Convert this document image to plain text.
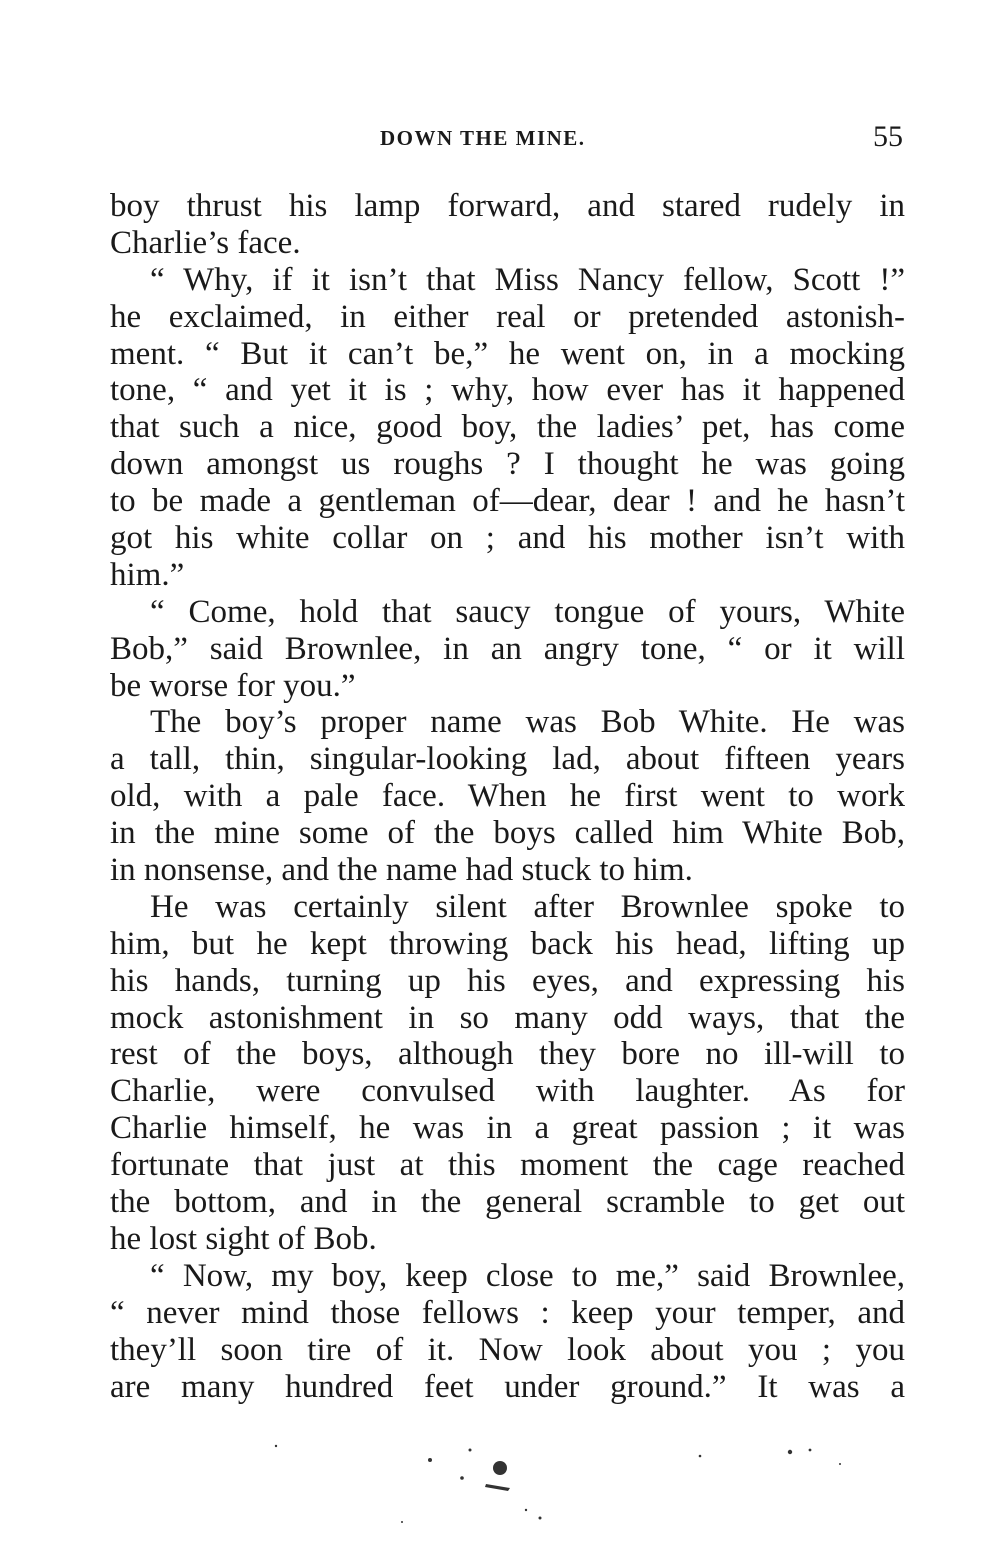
DOWN THE MINE.	55
boy thrust his lamp forward, and stared rudely in
Charlie’s face.
“ Why, if it isn’t that Miss Nancy fellow, Scott !”
he exclaimed, in either real or pretended astonish-
ment. “ But it can’t be,” he went on, in a mocking
tone, “ and yet it is ; why, how ever has it happened
that such a nice, good boy, the ladies’ pet, has come
down amongst us roughs ? I thought he was going
to be made a gentleman of—dear, dear ! and he hasn’t
got his white collar on ; and his mother isn’t with
him.”
“ Come, hold that saucy tongue of yours, White
Bob,” said Brownlee, in an angry tone, “ or it will
be worse for you.”
The boy’s proper name was Bob White. He was
a tall, thin, singular-looking lad, about fifteen years
old, with a pale face. When he first went to work
in the mine some of the boys called him White Bob,
in nonsense, and the name had stuck to him.
He was certainly silent after Brownlee spoke to
him, but he kept throwing back his head, lifting up
his hands, turning up his eyes, and expressing his
mock astonishment in so many odd ways, that the
rest of the boys, although they bore no ill-will to
Charlie, were convulsed with laughter. As for
Charlie himself, he was in a great passion ; it was
fortunate that just at this moment the cage reached
the bottom, and in the general scramble to get out
he lost sight of Bob.
“ Now, my boy, keep close to me,” said Brownlee,
“ never mind those fellows : keep your temper, and
they’ll soon tire of it. Now look about you ; you
are many hundred feet under ground.” It was a
